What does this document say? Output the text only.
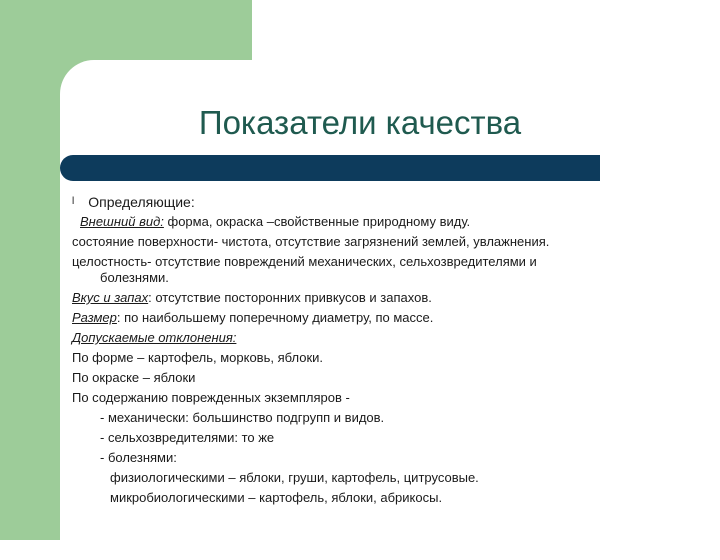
Показатели качества
l Определяющие:
Внешний вид: форма, окраска –свойственные природному виду.
состояние поверхности- чистота, отсутствие загрязнений землей, увлажнения.
целостность- отсутствие повреждений механических, сельхозвредителями и
болезнями.
Вкус и запах: отсутствие посторонних привкусов и запахов.
Размер: по наибольшему поперечному диаметру, по массе.
Допускаемые отклонения:
По форме – картофель, морковь, яблоки.
По окраске – яблоки
По содержанию поврежденных экземпляров -
- механически: большинство подгрупп и видов.
- сельхозвредителями: то же
- болезнями:
физиологическими – яблоки, груши, картофель, цитрусовые.
микробиологическими – картофель, яблоки, абрикосы.
